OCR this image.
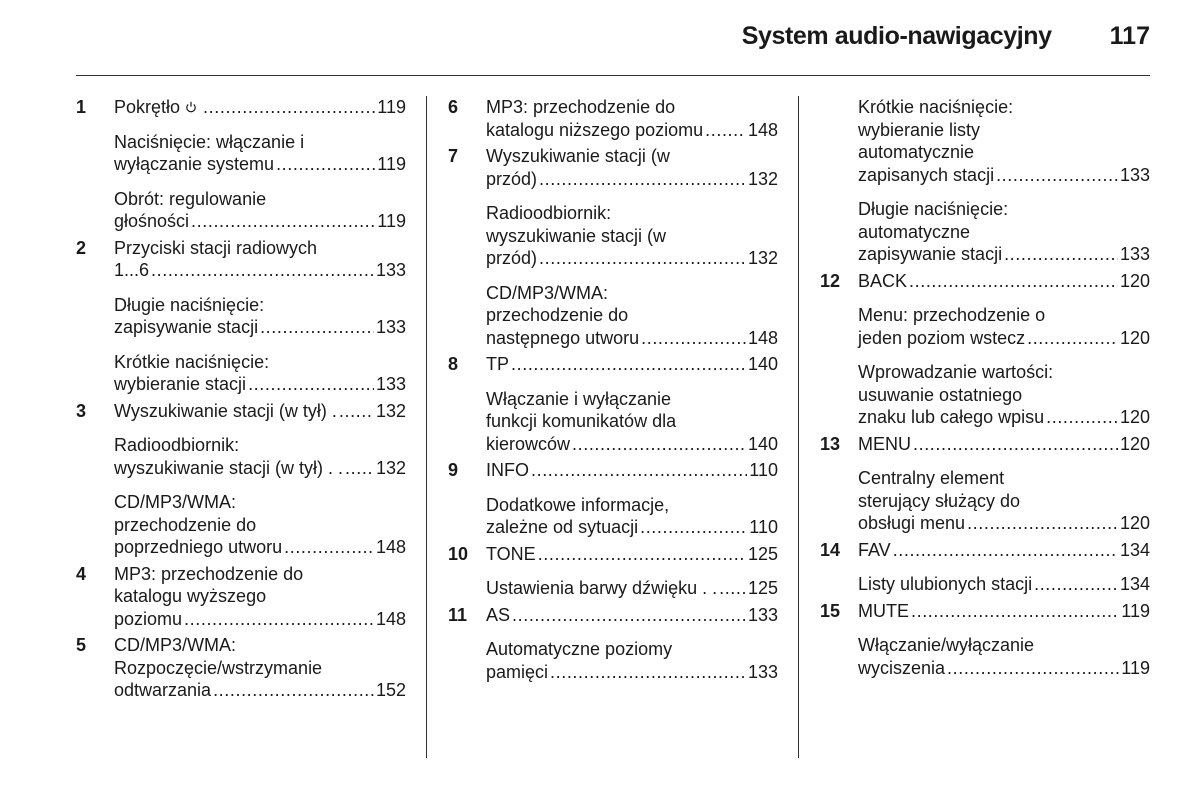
System audio-nawigacyjny 117
1	Pokrętło .....	119
Naciśnięcie: włączanie i
wyłączanie systemu .....	119
Obrót: regulowanie
głośności .....	119
2	Przyciski stacji radiowych
1...6 .....	133
Długie naciśnięcie:
zapisywanie stacji .....	133
Krótkie naciśnięcie:
wybieranie stacji .....	133
3	Wyszukiwanie stacji (w tył) . ..... 132
Radioodbiornik:
wyszukiwanie stacji (w tył) . . ..... 132
CD/MP3/WMA:
przechodzenie do
poprzedniego utworu .....	148
4	MP3: przechodzenie do
katalogu wyższego
poziomu .....	148
5	CD/MP3/WMA:
Rozpoczęcie/wstrzymanie
odtwarzania .....	152
6	MP3: przechodzenie do
katalogu niższego poziomu ..... 148
7	Wyszukiwanie stacji (w
przód) .....	132
Radioodbiornik:
wyszukiwanie stacji (w
przód) .....	132
CD/MP3/WMA:
przechodzenie do
następnego utworu .....	148
8	TP .....	140
Włączanie i wyłączanie
funkcji komunikatów dla
kierowców .....	140
9	INFO .....	110
Dodatkowe informacje,
zależne od sytuacji .....	110
10 TONE .....	125
Ustawienia barwy dźwięku . . ..... 125
11	AS .....	133
Automatyczne poziomy
pamięci .....	133
Krótkie naciśnięcie:
wybieranie listy
automatycznie
zapisanych stacji .....	133
Długie naciśnięcie:
automatyczne
zapisywanie stacji .....	133
12 BACK .....	120
Menu: przechodzenie o
jeden poziom wstecz .....	120
Wprowadzanie wartości:
usuwanie ostatniego
znaku lub całego wpisu .....	120
13 MENU .....	120
Centralny element
sterujący służący do
obsługi menu .....	120
14 FAV .....	134
Listy ulubionych stacji .....	134
15 MUTE .....	119
Włączanie/wyłączanie
wyciszenia .....	119
